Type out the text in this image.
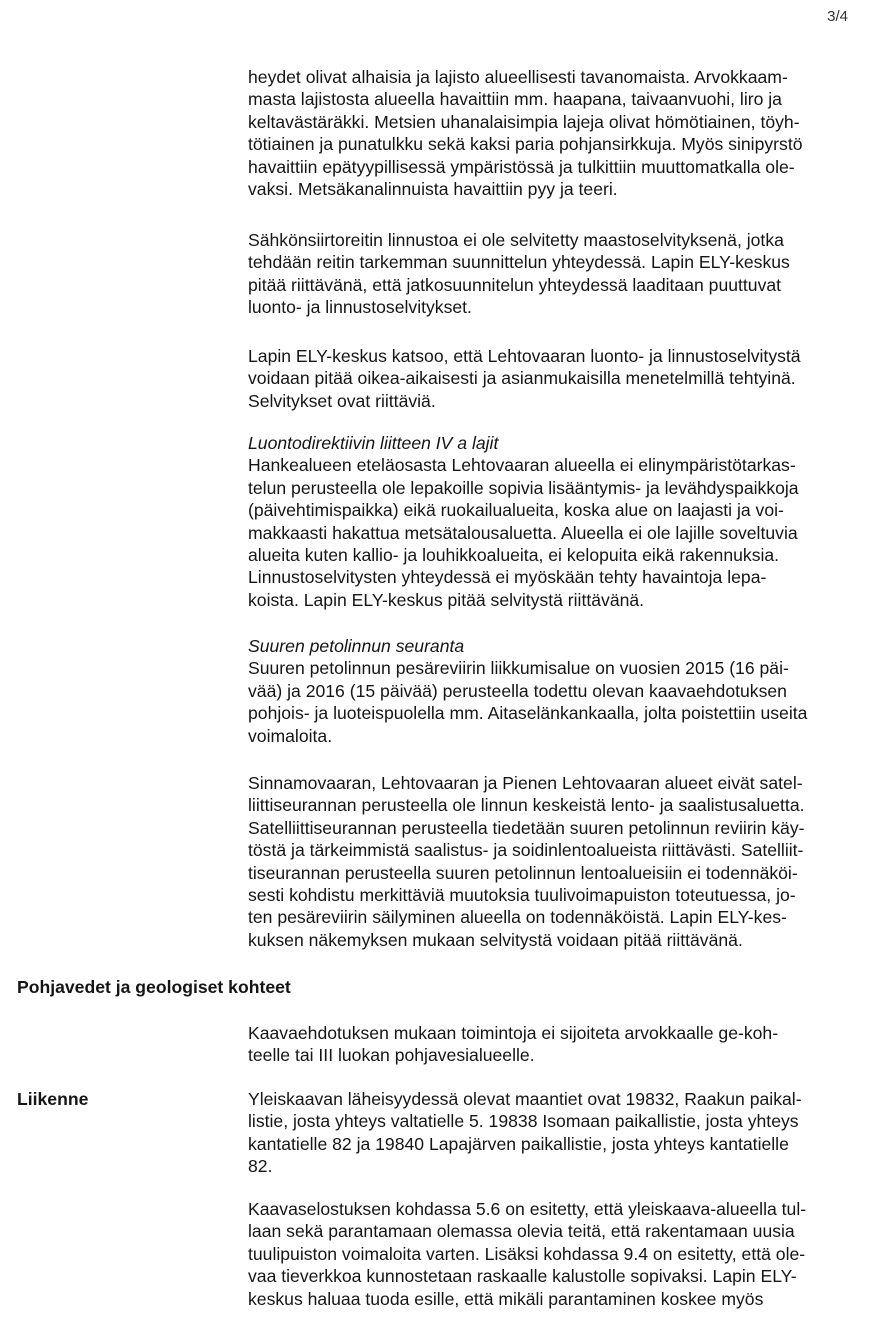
3/4
heydet olivat alhaisia ja lajisto alueellisesti tavanomaista. Arvokkaam-
masta lajistosta alueella havaittiin mm. haapana, taivaanvuohi, liro ja
keltavästäräkki. Metsien uhanalaisimpia lajeja olivat hömötiainen, töyh-
tötiainen ja punatulkku sekä kaksi paria pohjansirkkuja. Myös sinipyrstö
havaittiin epätyypillisessä ympäristössä ja tulkittiin muuttomatkalla ole-
vaksi. Metsäkanalinnuista havaittiin pyy ja teeri.
Sähkönsiirtoreitin linnustoa ei ole selvitetty maastoselvityksenä, jotka
tehdään reitin tarkemman suunnittelun yhteydessä. Lapin ELY-keskus
pitää riittävänä, että jatkosuunnitelun yhteydessä laaditaan puuttuvat
luonto- ja linnustoselvitykset.
Lapin ELY-keskus katsoo, että Lehtovaaran luonto- ja linnustoselvitystä
voidaan pitää oikea-aikaisesti ja asianmukaisilla menetelmillä tehtyinä.
Selvitykset ovat riittäviä.
Luontodirektiivin liitteen IV a lajit
Hankealueen eteläosasta Lehtovaaran alueella ei elinympäristötarkas-
telun perusteella ole lepakoille sopivia lisääntymis- ja levähdyspaikkoja
(päivehtimispaikka) eikä ruokailualueita, koska alue on laajasti ja voi-
makkaasti hakattua metsätalousaluetta. Alueella ei ole lajille soveltuvia
alueita kuten kallio- ja louhikkoalueita, ei kelopuita eikä rakennuksia.
Linnustoselvitysten yhteydessä ei myöskään tehty havaintoja lepa-
koista. Lapin ELY-keskus pitää selvitystä riittävänä.
Suuren petolinnun seuranta
Suuren petolinnun pesäreviirin liikkumisalue on vuosien 2015 (16 päi-
vää) ja 2016 (15 päivää) perusteella todettu olevan kaavaehdotuksen
pohjois- ja luoteispuolella mm. Aitaselänkankaalla, jolta poistettiin useita
voimaloita.
Sinnamovaaran, Lehtovaaran ja Pienen Lehtovaaran alueet eivät satel-
liittiseurannan perusteella ole linnun keskeistä lento- ja saalistusaluetta.
Satelliittiseurannan perusteella tiedetään suuren petolinnun reviirin käy-
töstä ja tärkeimmistä saalistus- ja soidinlentoalueista riittävästi. Satelliit-
tiseurannan perusteella suuren petolinnun lentoalueisiin ei todennäköi-
sesti kohdistu merkittäviä muutoksia tuulivoimapuiston toteutuessa, jo-
ten pesäreviirin säilyminen alueella on todennäköistä. Lapin ELY-kes-
kuksen näkemyksen mukaan selvitystä voidaan pitää riittävänä.
Pohjavedet ja geologiset kohteet
Kaavaehdotuksen mukaan toimintoja ei sijoiteta arvokkaalle ge-koh-
teelle tai III luokan pohjavesialueelle.
Liikenne	Yleiskaavan läheisyydessä olevat maantiet ovat 19832, Raakun paikal-
listie, josta yhteys valtatielle 5. 19838 Isomaan paikallistie, josta yhteys
kantatielle 82 ja 19840 Lapajärven paikallistie, josta yhteys kantatielle
82.
Kaavaselostuksen kohdassa 5.6 on esitetty, että yleiskaava-alueella tul-
laan sekä parantamaan olemassa olevia teitä, että rakentamaan uusia
tuulipuiston voimaloita varten. Lisäksi kohdassa 9.4 on esitetty, että ole-
vaa tieverkkoa kunnostetaan raskaalle kalustolle sopivaksi. Lapin ELY-
keskus haluaa tuoda esille, että mikäli parantaminen koskee myös
